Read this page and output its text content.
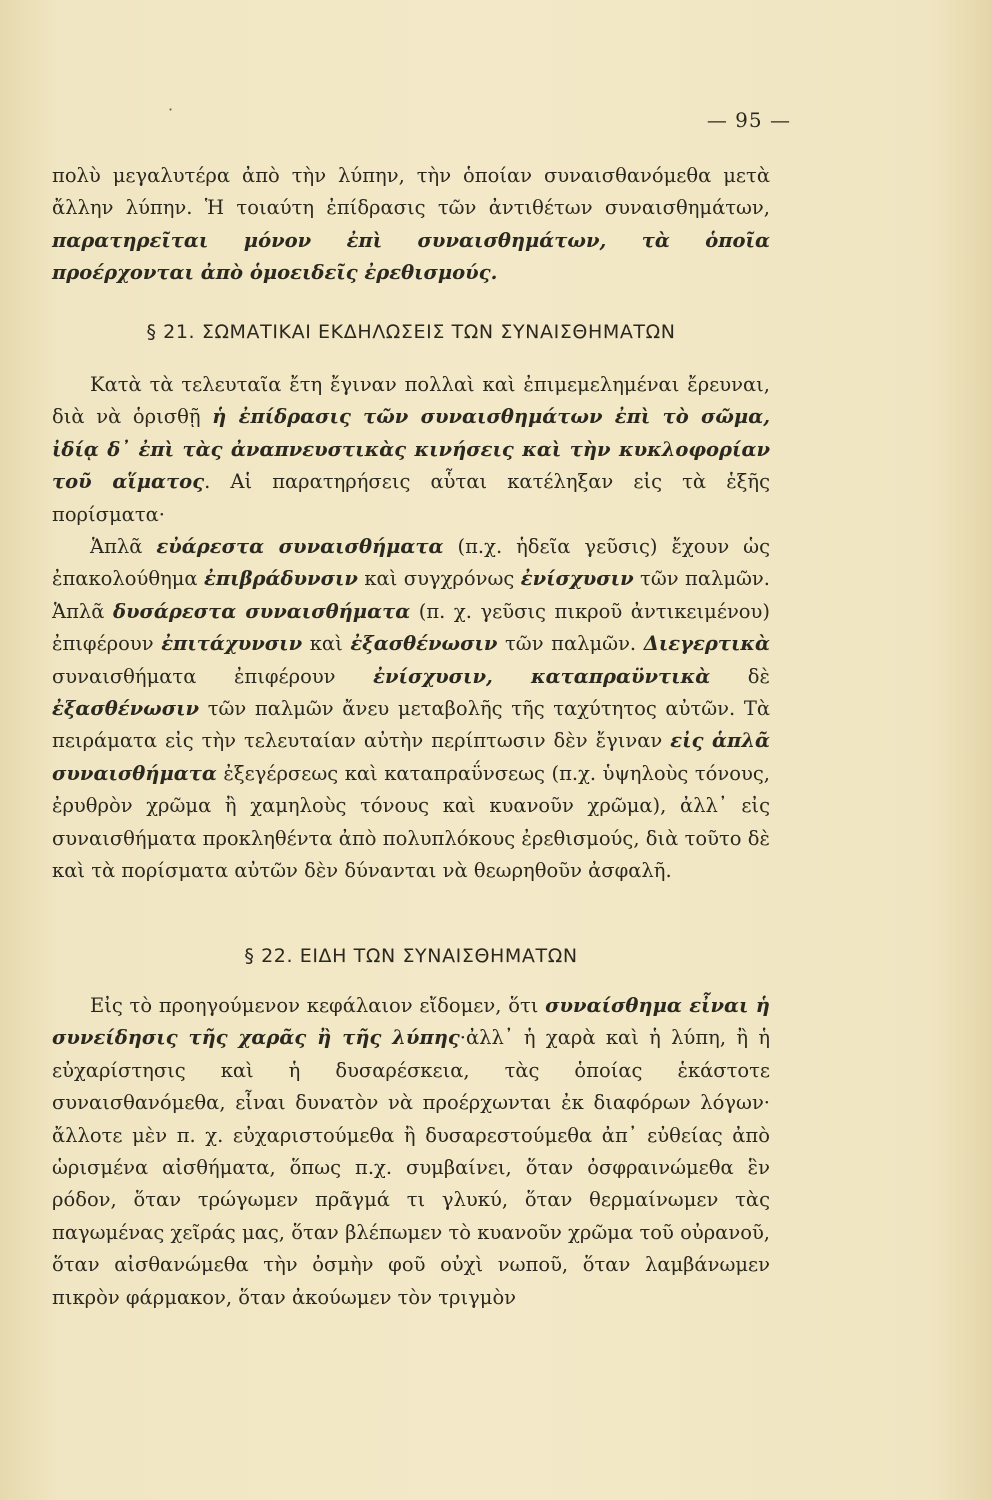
·	— 95 —

πολὺ μεγαλυτέρα ἀπὸ τὴν λύπην, τὴν ὁποίαν συναισθανόμεθα μετὰ ἄλλην λύπην. Ἡ τοιαύτη ἐπίδρασις τῶν ἀντιθέτων συναισθημάτων, παρατηρεῖται μόνον ἐπὶ συναισθημάτων, τὰ ὁποῖα προέρχονται ἀπὸ ὁμοειδεῖς ἐρεθισμούς.

§ 21. ΣΩΜΑΤΙΚΑΙ ΕΚΔΗΛΩΣΕΙΣ ΤΩΝ ΣΥΝΑΙΣΘΗΜΑΤΩΝ

Κατὰ τὰ τελευταῖα ἔτη ἔγιναν πολλαὶ καὶ ἐπιμεμελημέναι ἔρευναι, διὰ νὰ ὁρισθῇ ἡ ἐπίδρασις τῶν συναισθημάτων ἐπὶ τὸ σῶμα, ἰδίᾳ δ᾽ ἐπὶ τὰς ἀναπνευστικὰς κινήσεις καὶ τὴν κυκλοφορίαν τοῦ αἵματος. Αἱ παρατηρήσεις αὗται κατέληξαν εἰς τὰ ἑξῆς πορίσματα·

Ἁπλᾶ εὐάρεστα συναισθήματα (π.χ. ἡδεῖα γεῦσις) ἔχουν ὡς ἐπακολούθημα ἐπιβράδυνσιν καὶ συγχρόνως ἐνίσχυσιν τῶν παλμῶν. Ἁπλᾶ δυσάρεστα συναισθήματα (π. χ. γεῦσις πικροῦ ἀντικειμένου) ἐπιφέρουν ἐπιτάχυνσιν καὶ ἐξασθένωσιν τῶν παλμῶν. Διεγερτικὰ συναισθήματα ἐπιφέρουν ἐνίσχυσιν, καταπραϋντικὰ δὲ ἐξασθένωσιν τῶν παλμῶν ἄνευ μεταβολῆς τῆς ταχύτητος αὐτῶν. Τὰ πειράματα εἰς τὴν τελευταίαν αὐτὴν περίπτωσιν δὲν ἔγιναν εἰς ἁπλᾶ συναισθήματα ἐξεγέρσεως καὶ καταπραΰνσεως (π.χ. ὑψηλοὺς τόνους, ἐρυθρὸν χρῶμα ἢ χαμηλοὺς τόνους καὶ κυανοῦν χρῶμα), ἀλλ᾽ εἰς συναισθήματα προκληθέντα ἀπὸ πολυπλόκους ἐρεθισμούς, διὰ τοῦτο δὲ καὶ τὰ πορίσματα αὐτῶν δὲν δύνανται νὰ θεωρηθοῦν ἀσφαλῆ.

§ 22. ΕΙΔΗ ΤΩΝ ΣΥΝΑΙΣΘΗΜΑΤΩΝ

Εἰς τὸ προηγούμενον κεφάλαιον εἴδομεν, ὅτι συναίσθημα εἶναι ἡ συνείδησις τῆς χαρᾶς ἢ τῆς λύπης·ἀλλ᾽ ἡ χαρὰ καὶ ἡ λύπη, ἢ ἡ εὐχαρίστησις καὶ ἡ δυσαρέσκεια, τὰς ὁποίας ἑκάστοτε συναισθανόμεθα, εἶναι δυνατὸν νὰ προέρχωνται ἐκ διαφόρων λόγων· ἄλλοτε μὲν π. χ. εὐχαριστούμεθα ἢ δυσαρεστούμεθα ἀπ᾽ εὐθείας ἀπὸ ὡρισμένα αἰσθήματα, ὅπως π.χ. συμβαίνει, ὅταν ὀσφραινώμεθα ἓν ρόδον, ὅταν τρώγωμεν πρᾶγμά τι γλυκύ, ὅταν θερμαίνωμεν τὰς παγωμένας χεῖράς μας, ὅταν βλέπωμεν τὸ κυανοῦν χρῶμα τοῦ οὐρανοῦ, ὅταν αἰσθανώμεθα τὴν ὀσμὴν φοῦ οὐχὶ νωποῦ, ὅταν λαμβάνωμεν πικρὸν φάρμακον, ὅταν ἀκούωμεν τὸν τριγμὸν
